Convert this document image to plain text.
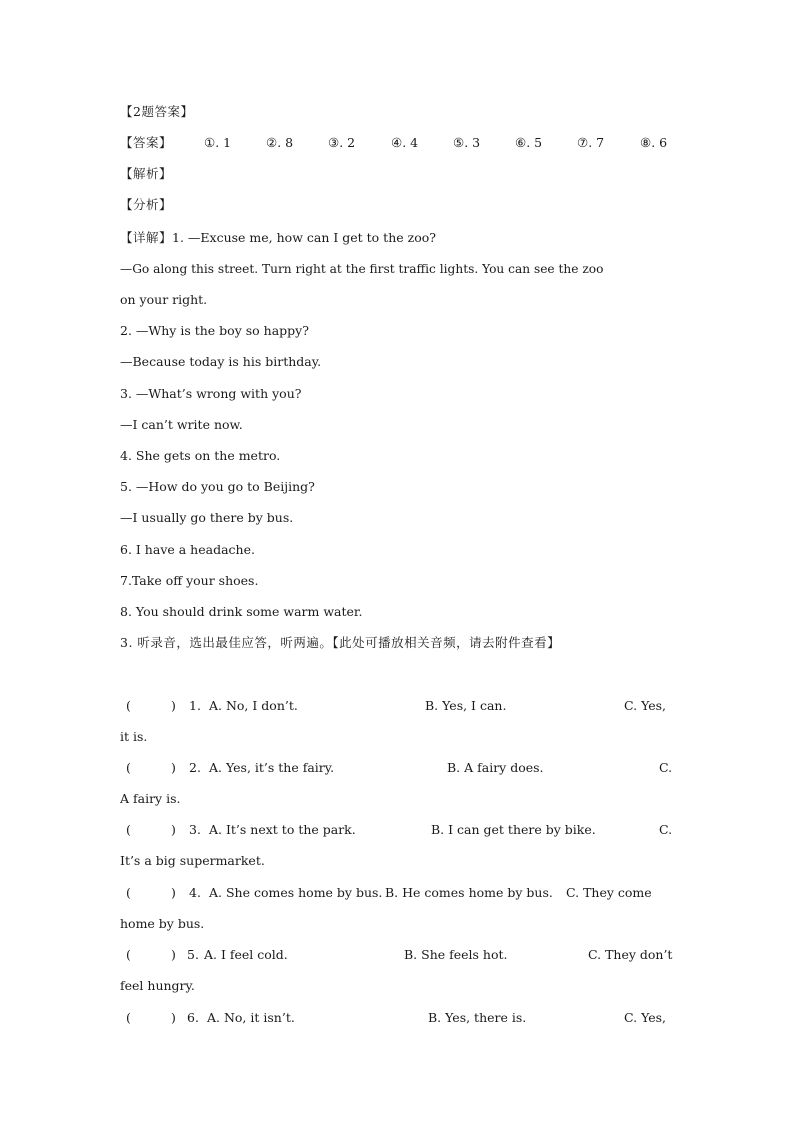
【2题答案】
【答案】	①. 1	②. 8	③. 2	④. 4	⑤. 3	⑥. 5	⑦. 7	⑧. 6
【解析】
【分析】
【详解】1. —Excuse me, how can I get to the zoo?
—Go along this street. Turn right at the first traffic lights. You can see the zoo
on your right.
2. —Why is the boy so happy?
—Because today is his birthday.
3. —What’s wrong with you?
—I can’t write now.
4. She gets on the metro.
5. —How do you go to Beijing?
—I usually go there by bus.
6. I have a headache.
7.Take off your shoes.
8. You should drink some warm water.
3. 听录音，选出最佳应答，听两遍。【此处可播放相关音频，请去附件查看】
(	) 1. A. No, I don’t.	B. Yes, I can.	C. Yes,
it is.
(	) 2. A. Yes, it’s the fairy.	B. A fairy does.	C.
A fairy is.
(	) 3. A. It’s next to the park.	B. I can get there by bike.	C.
It’s a big supermarket.
(	) 4. A. She comes home by bus. B. He comes home by bus. C. They come
home by bus.
(	) 5. A. I feel cold.	B. She feels hot.	C. They don’t
feel hungry.
(	) 6. A. No, it isn’t.	B. Yes, there is.	C. Yes,
